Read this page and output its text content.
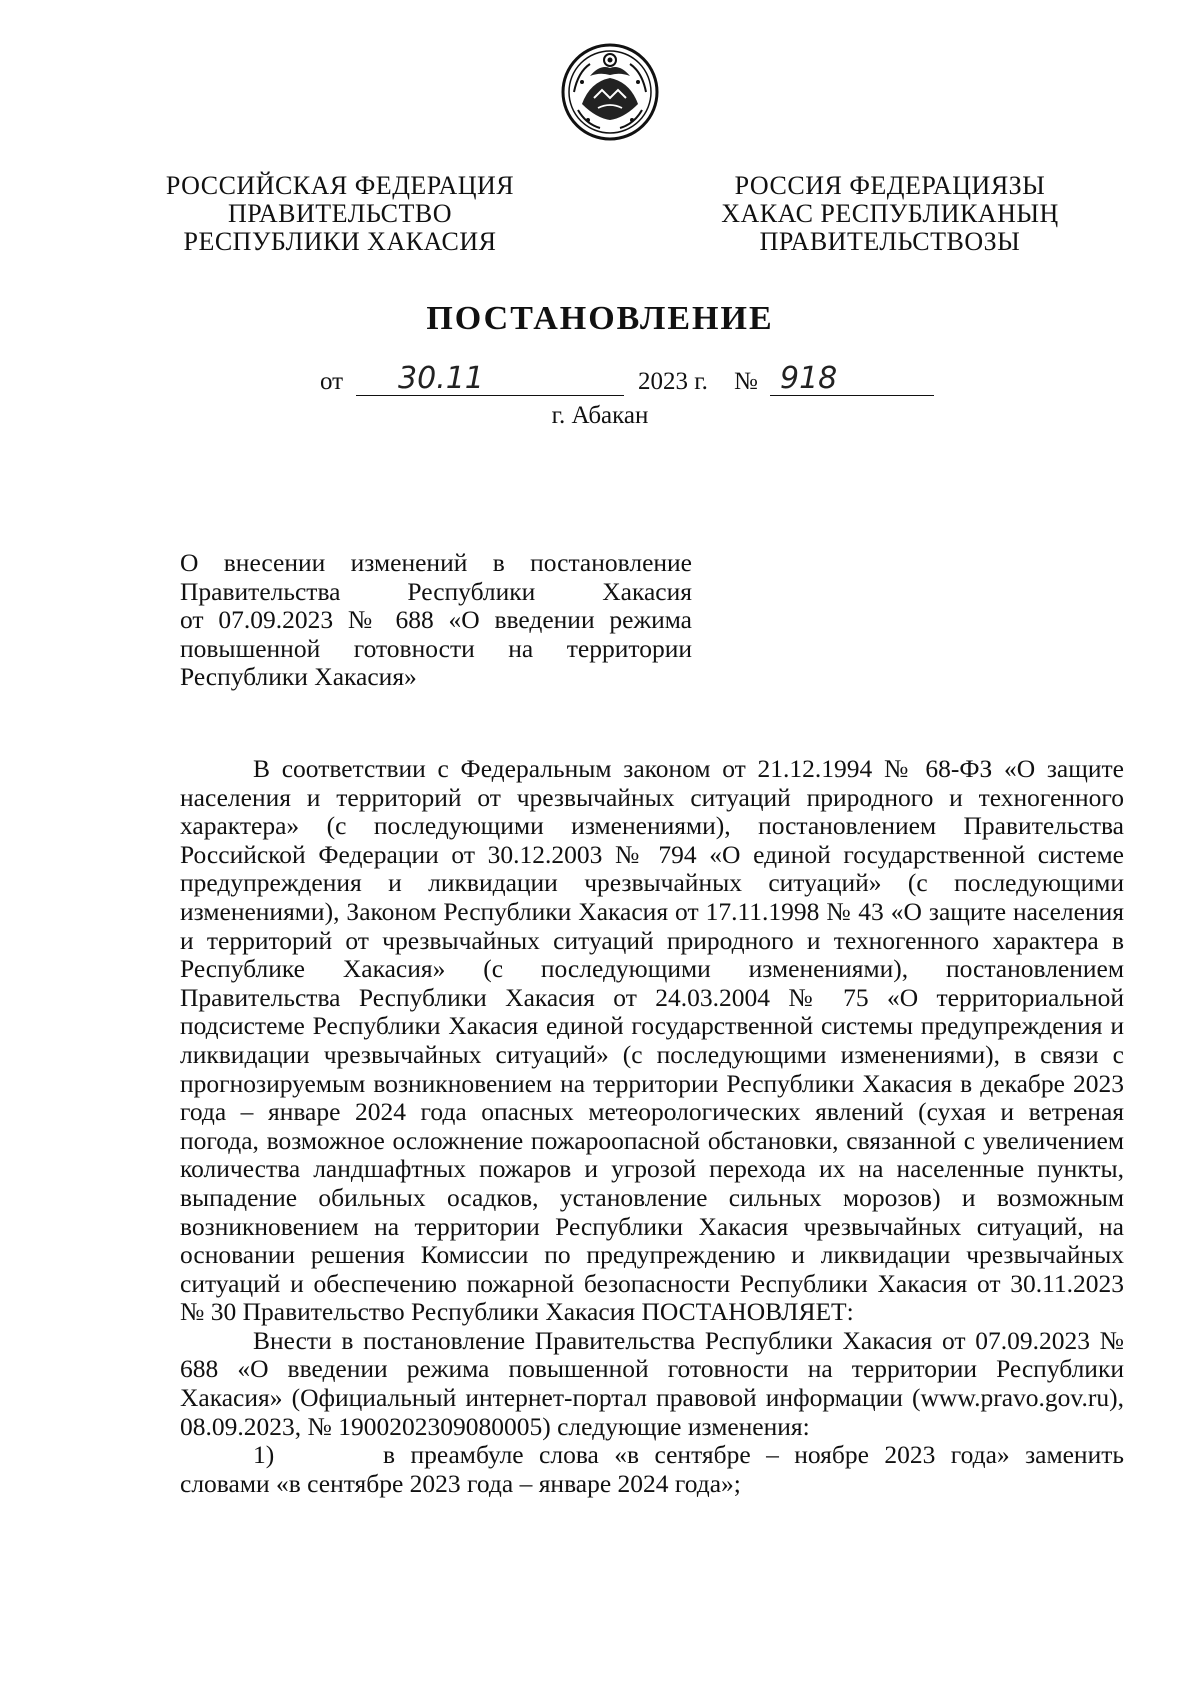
РОССИЙСКАЯ ФЕДЕРАЦИЯ
ПРАВИТЕЛЬСТВО
РЕСПУБЛИКИ ХАКАСИЯ
РОССИЯ ФЕДЕРАЦИЯЗЫ
ХАКАС РЕСПУБЛИКАНЫҢ
ПРАВИТЕЛЬСТВОЗЫ
ПОСТАНОВЛЕНИЕ
от 30.11	2023 г. № 918
г. Абакан

О внесении изменений в постановление

Правительства Республики Хакасия

от 07.09.2023 № 688 «О введении режима

повышенной готовности на территории

Республики Хакасия»

В соответствии с Федеральным законом от 21.12.1994 № 68-ФЗ «О защите населения и территорий от чрезвычайных ситуаций природного и техногенного характера» (с последующими изменениями), постановлением Правительства Российской Федерации от 30.12.2003 № 794 «О единой государственной системе предупреждения и ликвидации чрезвычайных ситуаций» (с последующими изменениями), Законом Республики Хакасия от 17.11.1998 № 43 «О защите населения и территорий от чрезвычайных ситуаций природного и техногенного характера в Республике Хакасия» (с последующими изменениями), постановлением Правительства Республики Хакасия от 24.03.2004 № 75 «О территориальной подсистеме Республики Хакасия единой государственной системы предупреждения и ликвидации чрезвычайных ситуаций» (с последующими изменениями), в связи с прогнозируемым возникновением на территории Республики Хакасия в декабре 2023 года – январе 2024 года опасных метеорологических явлений (сухая и ветреная погода, возможное осложнение пожароопасной обстановки, связанной с увеличением количества ландшафтных пожаров и угрозой перехода их на населенные пункты, выпадение обильных осадков, установление сильных морозов) и возможным возникновением на территории Республики Хакасия чрезвычайных ситуаций, на основании решения Комиссии по предупреждению и ликвидации чрезвычайных ситуаций и обеспечению пожарной безопасности Республики Хакасия от 30.11.2023 № 30 Правительство Республики Хакасия ПОСТАНОВЛЯЕТ:

Внести в постановление Правительства Республики Хакасия от 07.09.2023 № 688 «О введении режима повышенной готовности на территории Республики Хакасия» (Официальный интернет-портал правовой информации (www.pravo.gov.ru), 08.09.2023, № 1900202309080005) следующие изменения:

1)	в преамбуле слова «в сентябре – ноябре 2023 года» заменить словами «в сентябре 2023 года – январе 2024 года»;
